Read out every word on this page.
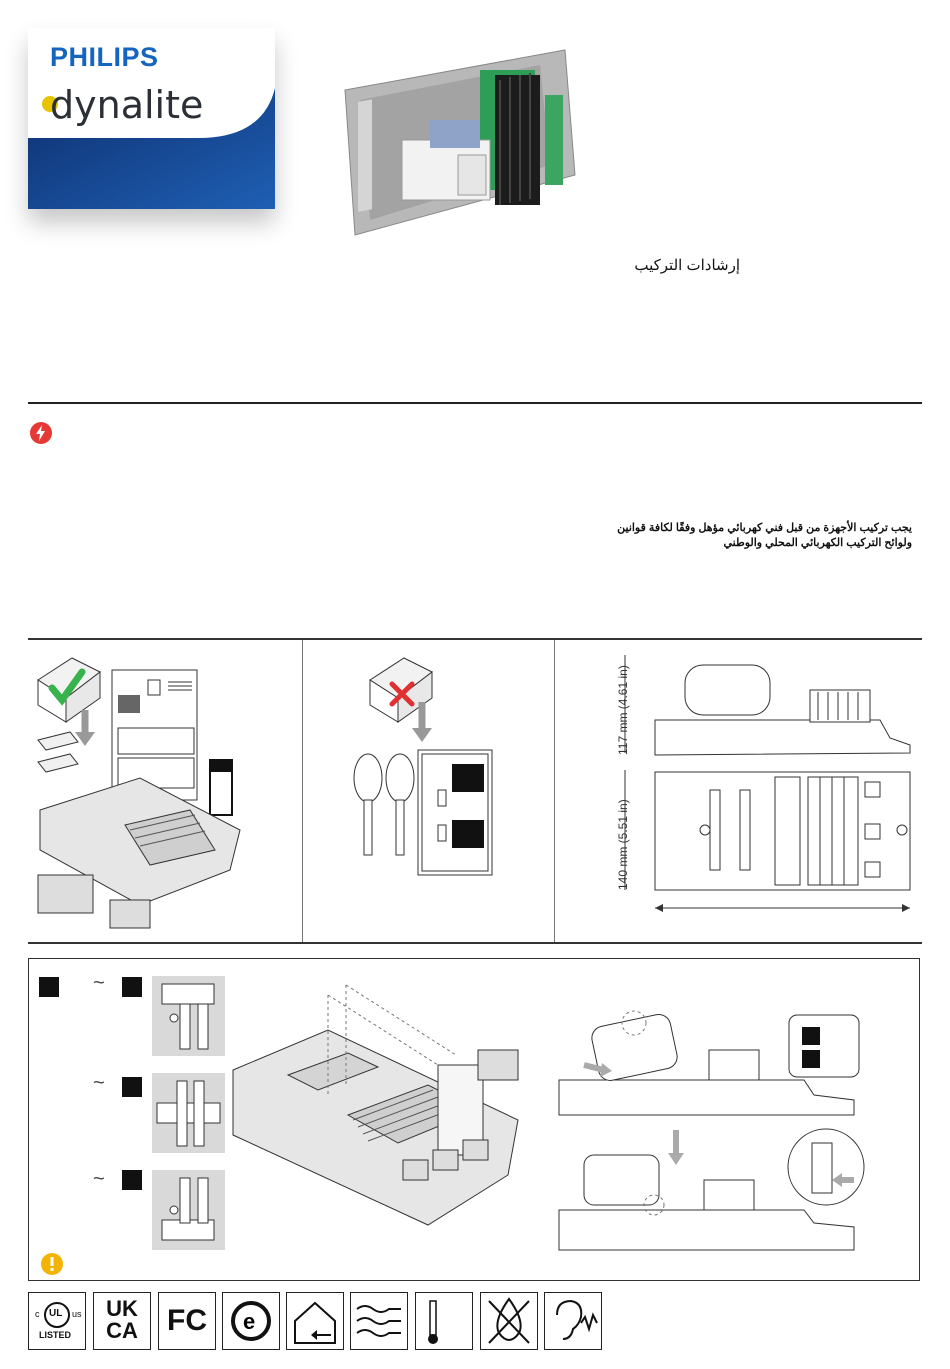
PHILIPS
dynalite
إرشادات التركيب
يجب تركيب الأجهزة من قبل فني كهربائي مؤهل وفقًا لكافة قوانين
ولوائح التركيب الكهربائي المحلي والوطني
117 mm (4.61 in)
140 mm (5.51 in)
~
~
~
c UL us
LISTED
UK
CA FC	e
